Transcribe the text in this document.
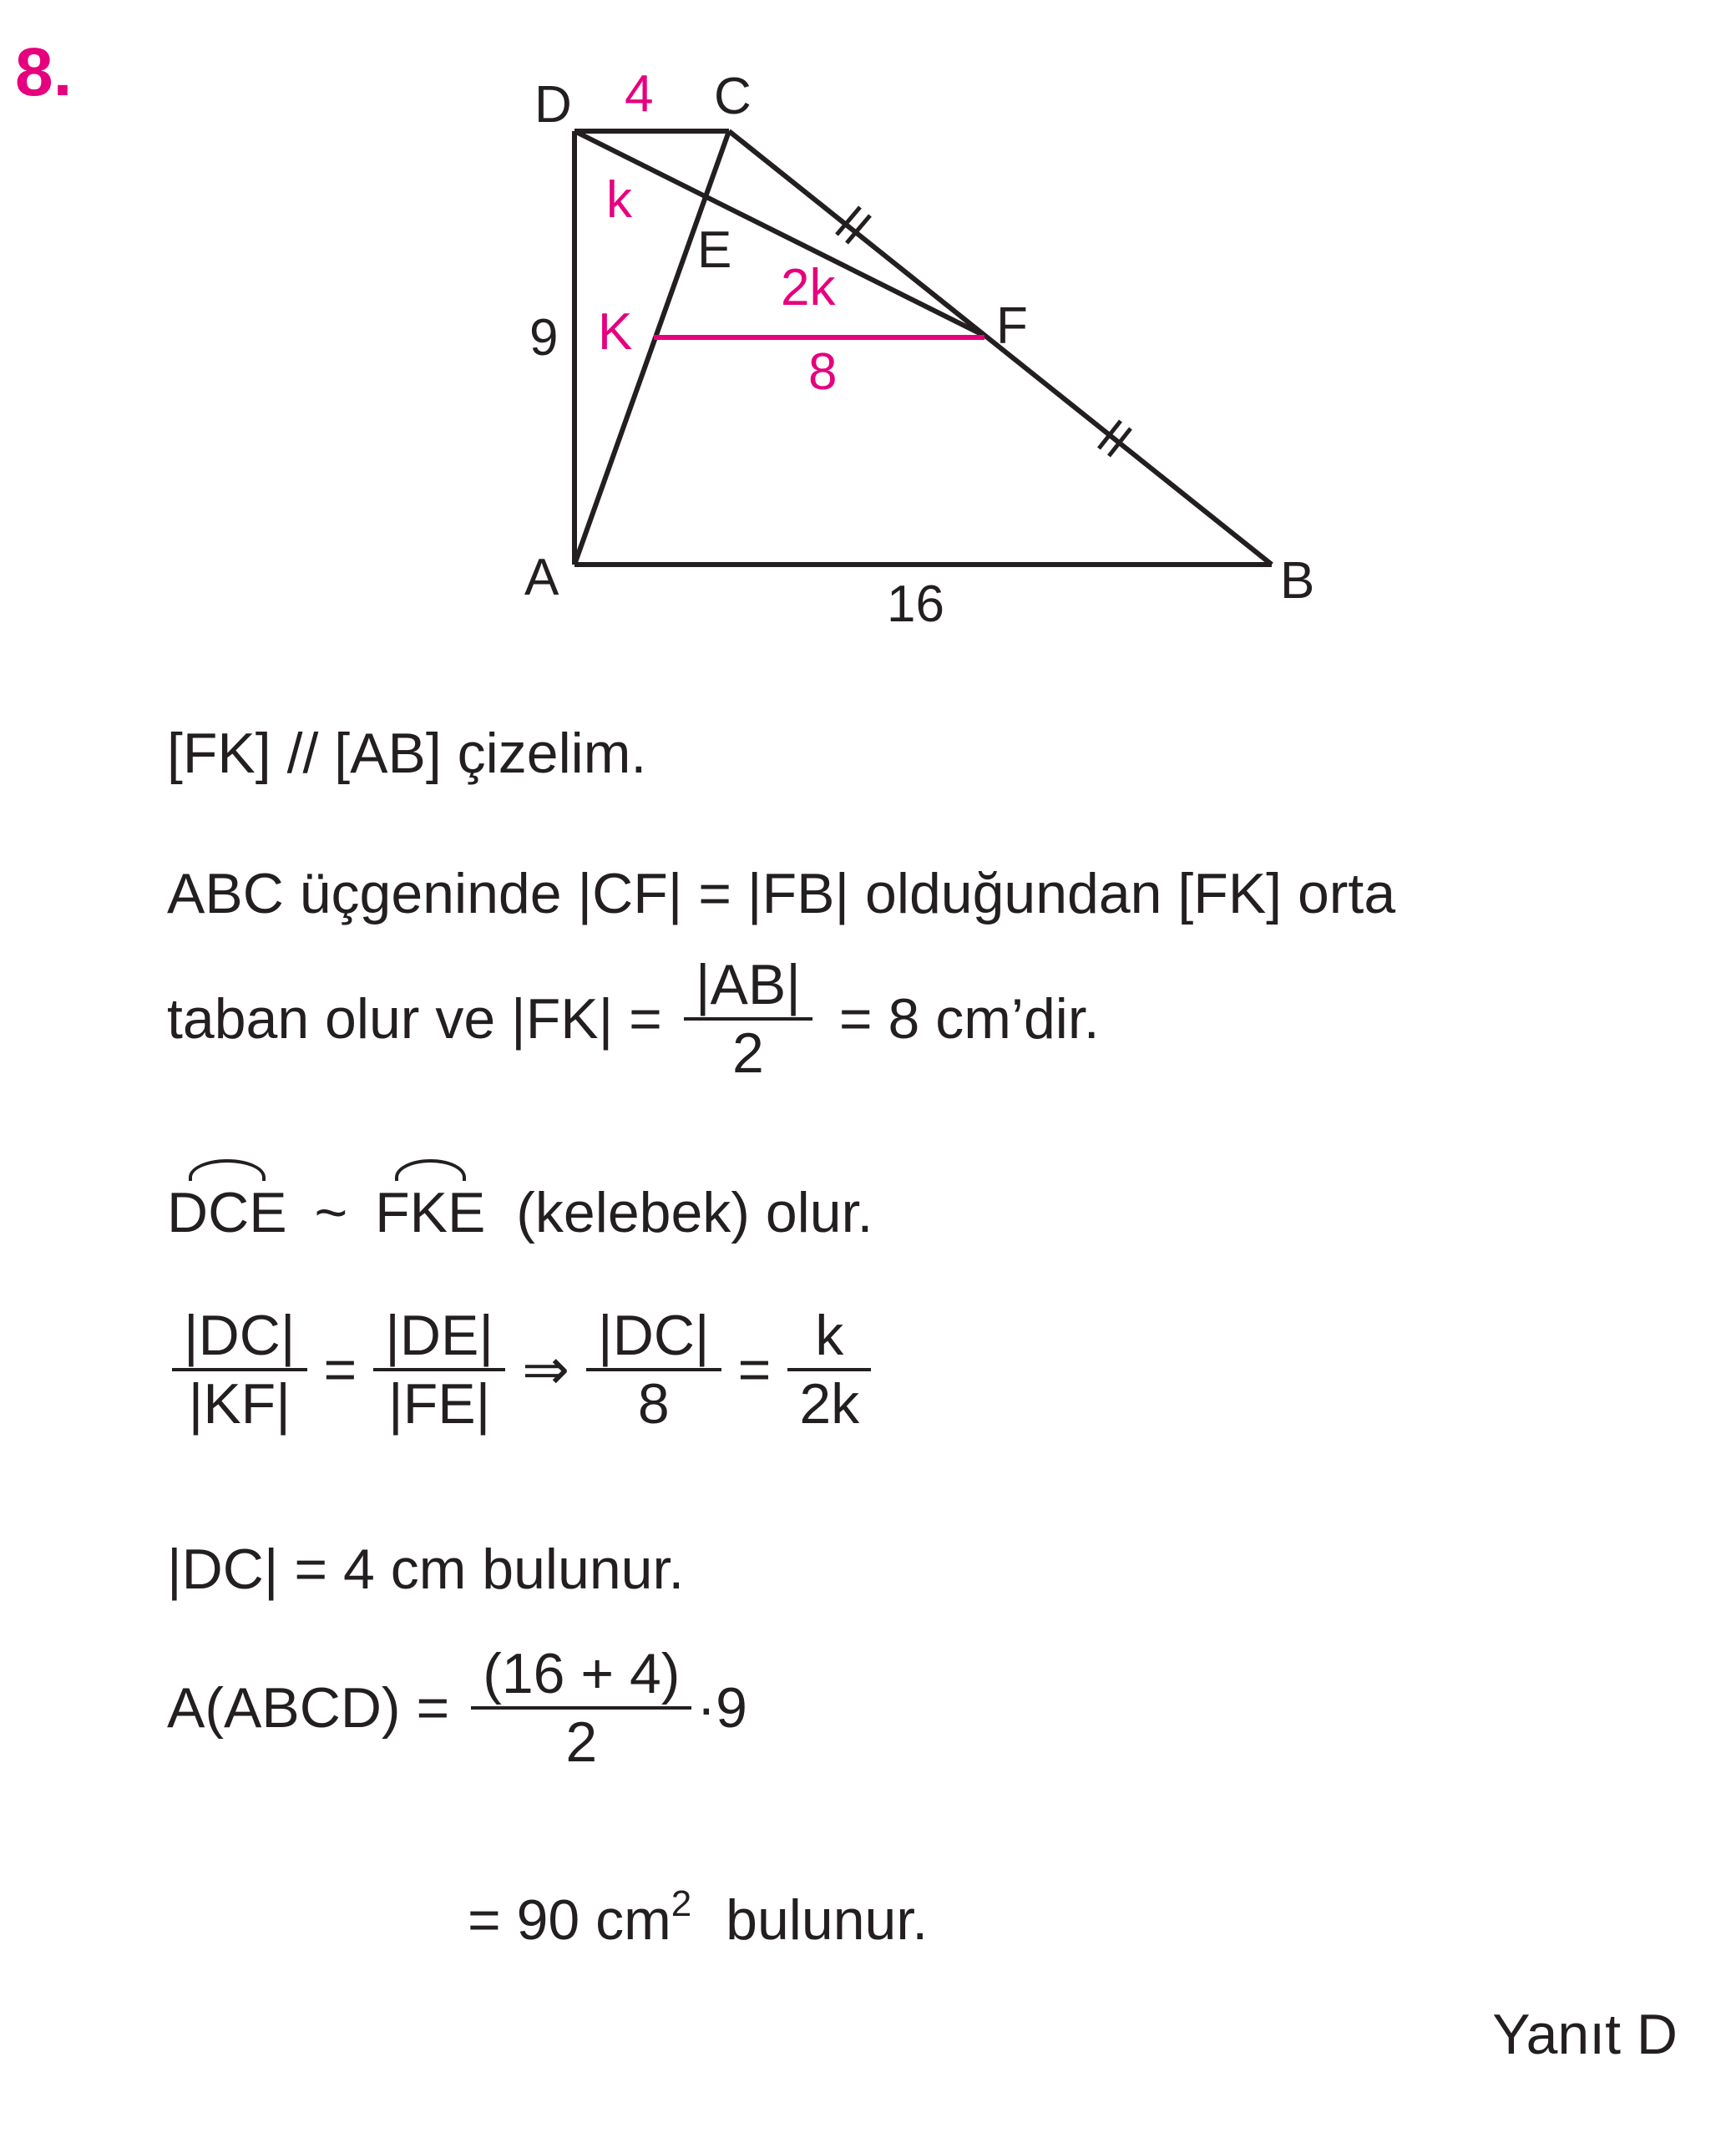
8.	D	C
E
F
A	B
K
4
9
16
8
k
2k
[FK] // [AB] çizelim.
ABC üçgeninde |CF| = |FB| olduğundan [FK] orta
taban olur ve $|FK| = \frac{|AB|}{2} = 8$ cm’dir.
DCE ~ FKE (kelebek) olur.
$\frac{|DC|}{|KF|} = \frac{|DE|}{|FE|}$ ⇒ $\frac{|DC|}{8} = \frac{k}{2k}$
|DC| = 4 cm bulunur.
A(ABCD) = $\frac{(16 + 4)}{2} \cdot 9$
= 90 $cm^2$ bulunur.
Yanıt D
